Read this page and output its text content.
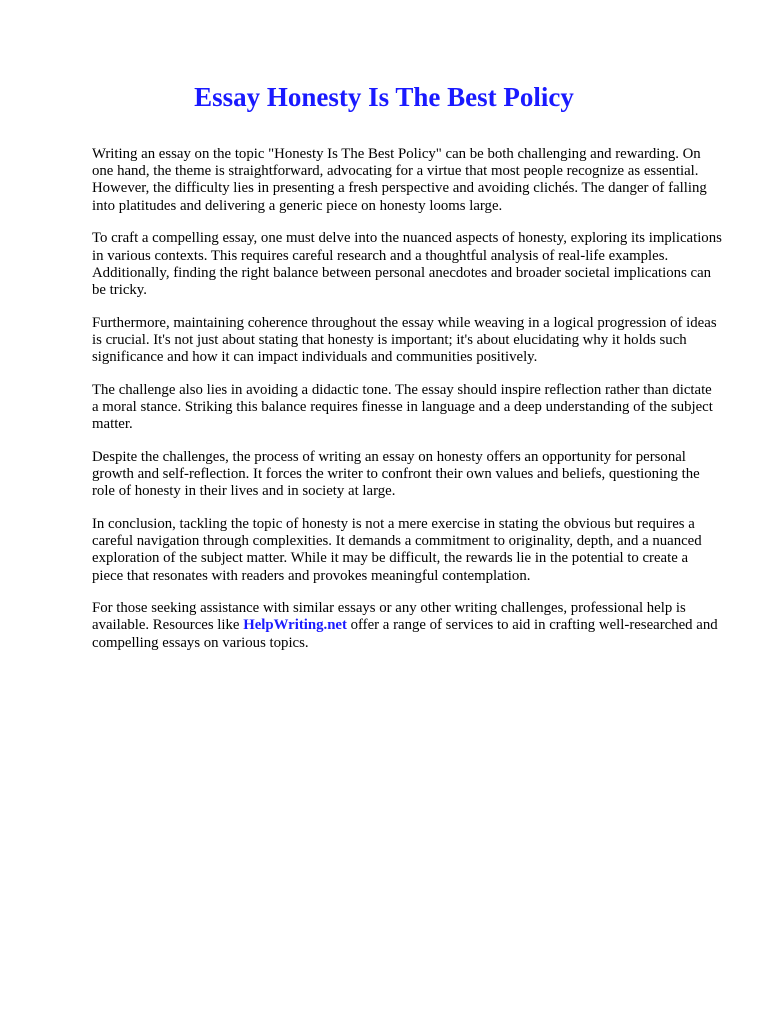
Essay Honesty Is The Best Policy

Writing an essay on the topic "Honesty Is The Best Policy" can be both challenging and rewarding. On one hand, the theme is straightforward, advocating for a virtue that most people recognize as essential. However, the difficulty lies in presenting a fresh perspective and avoiding clichés. The danger of falling into platitudes and delivering a generic piece on honesty looms large.

To craft a compelling essay, one must delve into the nuanced aspects of honesty, exploring its implications in various contexts. This requires careful research and a thoughtful analysis of real-life examples. Additionally, finding the right balance between personal anecdotes and broader societal implications can be tricky.

Furthermore, maintaining coherence throughout the essay while weaving in a logical progression of ideas is crucial. It's not just about stating that honesty is important; it's about elucidating why it holds such significance and how it can impact individuals and communities positively.

The challenge also lies in avoiding a didactic tone. The essay should inspire reflection rather than dictate a moral stance. Striking this balance requires finesse in language and a deep understanding of the subject matter.

Despite the challenges, the process of writing an essay on honesty offers an opportunity for personal growth and self-reflection. It forces the writer to confront their own values and beliefs, questioning the role of honesty in their lives and in society at large.

In conclusion, tackling the topic of honesty is not a mere exercise in stating the obvious but requires a careful navigation through complexities. It demands a commitment to originality, depth, and a nuanced exploration of the subject matter. While it may be difficult, the rewards lie in the potential to create a piece that resonates with readers and provokes meaningful contemplation.

For those seeking assistance with similar essays or any other writing challenges, professional help is available. Resources like HelpWriting.net offer a range of services to aid in crafting well-researched and compelling essays on various topics.
